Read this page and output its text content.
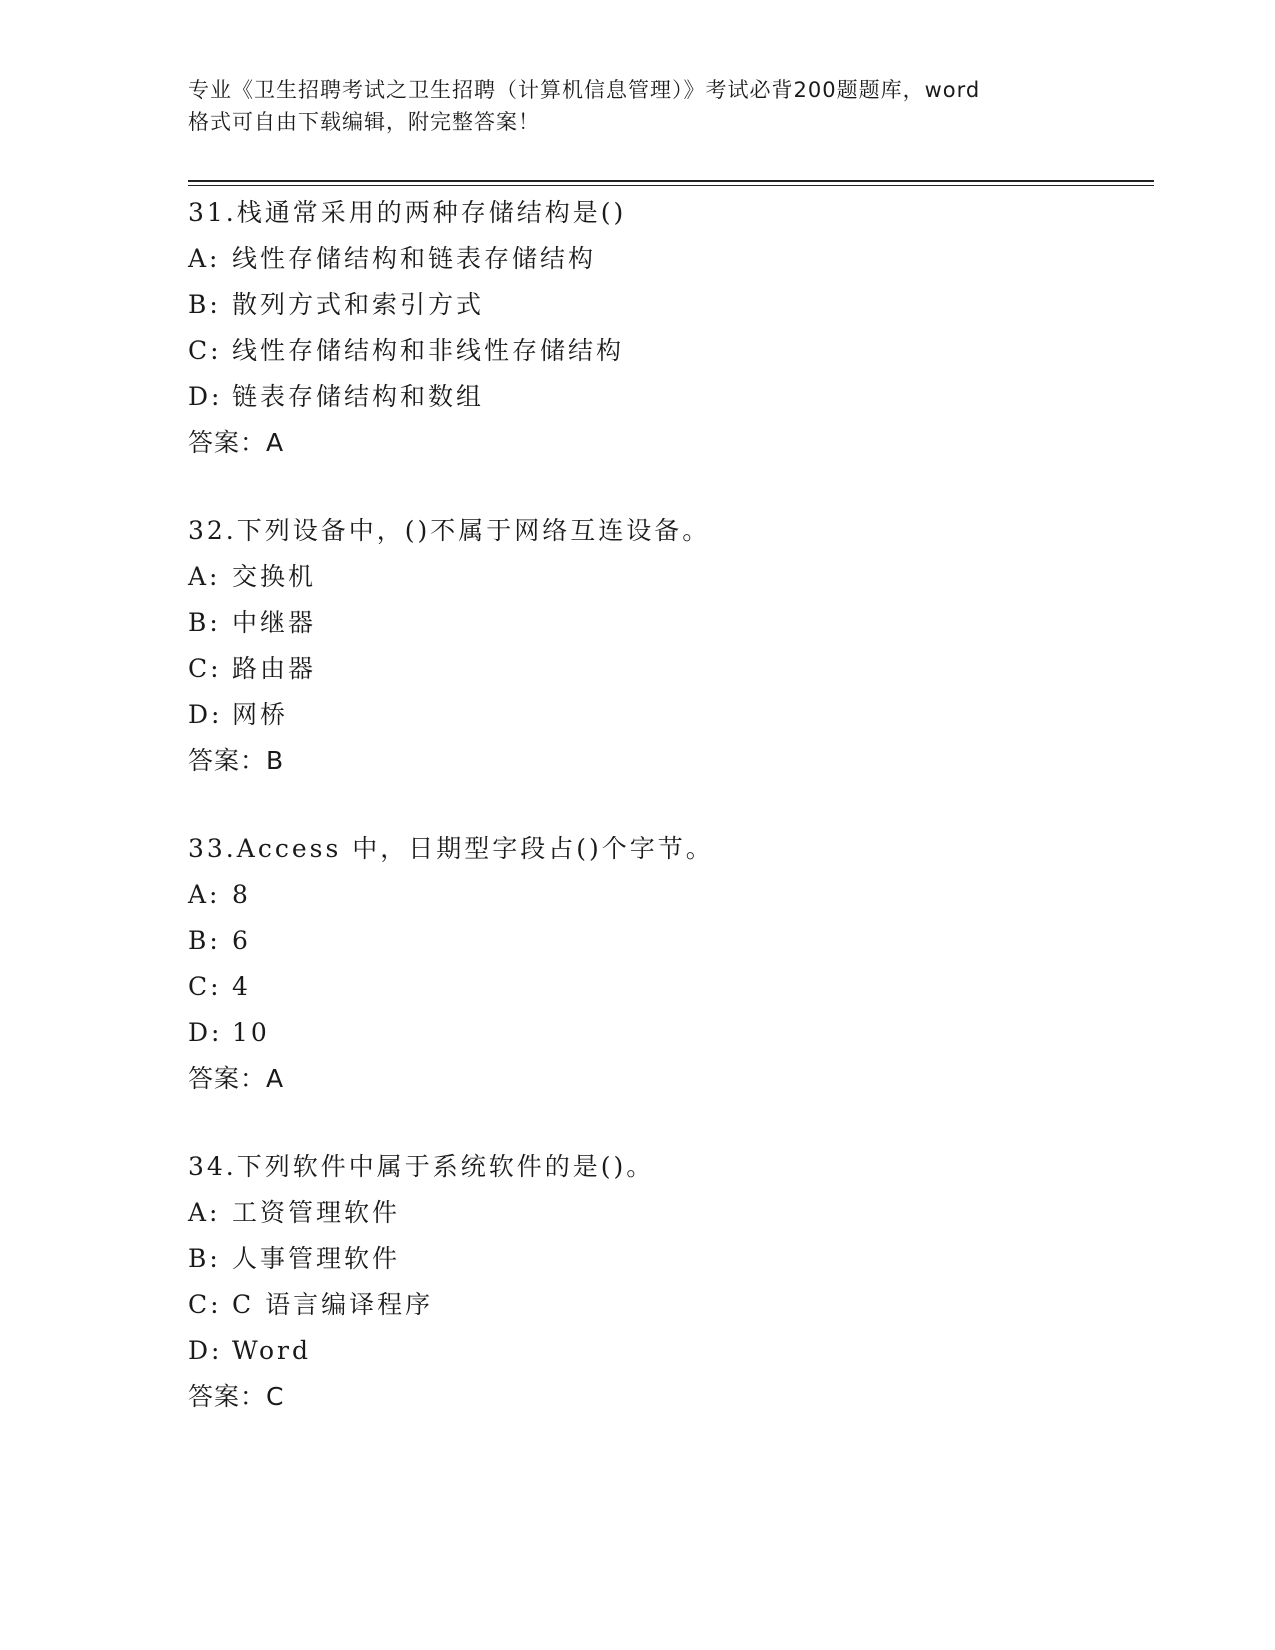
专业《卫生招聘考试之卫生招聘（计算机信息管理）》考试必背200题题库，word
格式可自由下载编辑，附完整答案！
31.栈通常采用的两种存储结构是()
A: 线性存储结构和链表存储结构
B: 散列方式和索引方式
C: 线性存储结构和非线性存储结构
D: 链表存储结构和数组
答案：A
32.下列设备中，()不属于网络互连设备。
A: 交换机
B: 中继器
C: 路由器
D: 网桥
答案：B
33.Access 中，日期型字段占()个字节。
A: 8
B: 6
C: 4
D: 10
答案：A
34.下列软件中属于系统软件的是()。
A: 工资管理软件
B: 人事管理软件
C: C 语言编译程序
D: Word
答案：C
